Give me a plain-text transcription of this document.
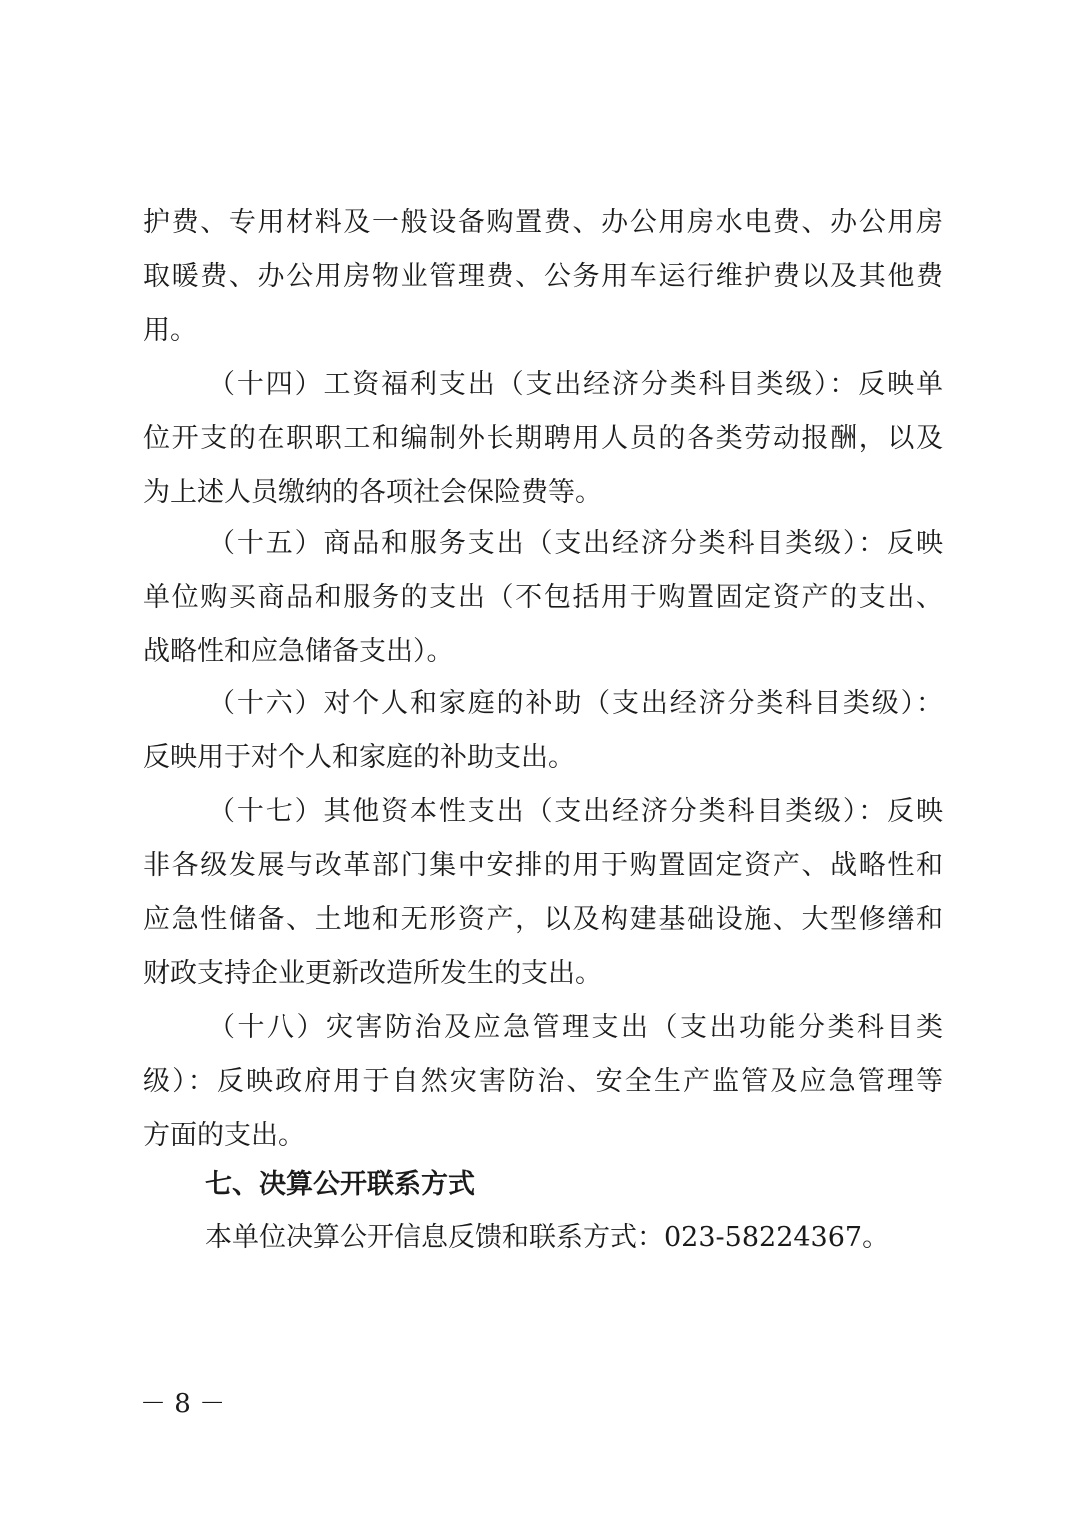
护费、专用材料及一般设备购置费、办公用房水电费、办公用房
取暖费、办公用房物业管理费、公务用车运行维护费以及其他费
用。
（十四）工资福利支出（支出经济分类科目类级）：反映单
位开支的在职职工和编制外长期聘用人员的各类劳动报酬，以及
为上述人员缴纳的各项社会保险费等。
（十五）商品和服务支出（支出经济分类科目类级）：反映
单位购买商品和服务的支出（不包括用于购置固定资产的支出、
战略性和应急储备支出）。
（十六）对个人和家庭的补助（支出经济分类科目类级）：
反映用于对个人和家庭的补助支出。
（十七）其他资本性支出（支出经济分类科目类级）：反映
非各级发展与改革部门集中安排的用于购置固定资产、战略性和
应急性储备、土地和无形资产，以及构建基础设施、大型修缮和
财政支持企业更新改造所发生的支出。
（十八）灾害防治及应急管理支出（支出功能分类科目类
级）：反映政府用于自然灾害防治、安全生产监管及应急管理等
方面的支出。
七、决算公开联系方式
本单位决算公开信息反馈和联系方式：023-58224367。
－ 8 －
